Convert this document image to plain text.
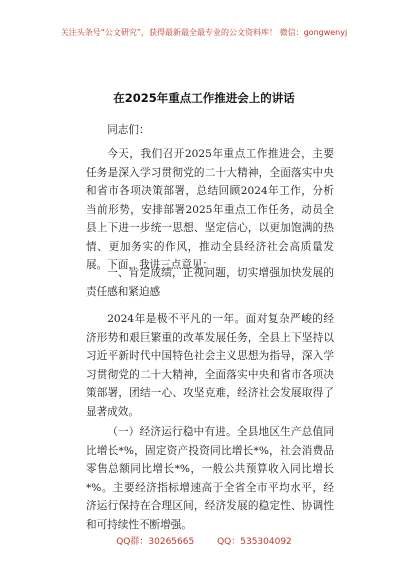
关注头条号“公文研究”，获得最新最全最专业的公文资料库！ 微信：gongwenyj
在2025年重点工作推进会上的讲话

同志们：

今天，我们召开2025年重点工作推进会，主要任务是深入学习贯彻党的二十大精神，全面落实中央和省市各项决策部署，总结回顾2024年工作，分析当前形势，安排部署2025年重点工作任务，动员全县上下进一步统一思想、坚定信心，以更加饱满的热情、更加务实的作风，推动全县经济社会高质量发展。下面，我讲三点意见：

一、肯定成绩，正视问题，切实增强加快发展的责任感和紧迫感

2024年是极不平凡的一年。面对复杂严峻的经济形势和艰巨繁重的改革发展任务，全县上下坚持以习近平新时代中国特色社会主义思想为指导，深入学习贯彻党的二十大精神，全面落实中央和省市各项决策部署，团结一心、攻坚克难，经济社会发展取得了显著成效。

（一）经济运行稳中有进。全县地区生产总值同比增长*%，固定资产投资同比增长*%，社会消费品零售总额同比增长*%，一般公共预算收入同比增长*%。主要经济指标增速高于全省全市平均水平，经济运行保持在合理区间，经济发展的稳定性、协调性和可持续性不断增强。

QQ群：30265665	QQ：535304092
